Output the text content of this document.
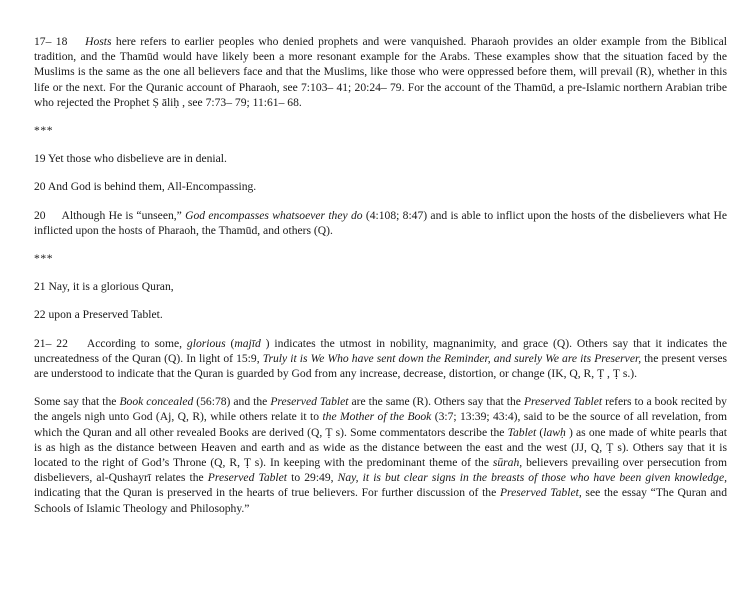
17– 18 Hosts here refers to earlier peoples who denied prophets and were vanquished. Pharaoh provides an older example from the Biblical tradition, and the Thamūd would have likely been a more resonant example for the Arabs. These examples show that the situation faced by the Muslims is the same as the one all believers face and that the Muslims, like those who were oppressed before them, will prevail (R), whether in this life or the next. For the Quranic account of Pharaoh, see 7:103– 41; 20:24– 79. For the account of the Thamūd, a pre-Islamic northern Arabian tribe who rejected the Prophet Ṣ āliḥ , see 7:73– 79; 11:61– 68.

***

19 Yet those who disbelieve are in denial.

20 And God is behind them, All-Encompassing.

20 Although He is “unseen,” God encompasses whatsoever they do (4:108; 8:47) and is able to inflict upon the hosts of the disbelievers what He inflicted upon the hosts of Pharaoh, the Thamūd, and others (Q).

***

21 Nay, it is a glorious Quran,

22 upon a Preserved Tablet.

21– 22 According to some, glorious (majīd ) indicates the utmost in nobility, magnanimity, and grace (Q). Others say that it indicates the uncreatedness of the Quran (Q). In light of 15:9, Truly it is We Who have sent down the Reminder, and surely We are its Preserver, the present verses are understood to indicate that the Quran is guarded by God from any increase, decrease, distortion, or change (IK, Q, R, Ṭ , Ṭ s.).

Some say that the Book concealed (56:78) and the Preserved Tablet are the same (R). Others say that the Preserved Tablet refers to a book recited by the angels nigh unto God (Aj, Q, R), while others relate it to the Mother of the Book (3:7; 13:39; 43:4), said to be the source of all revelation, from which the Quran and all other revealed Books are derived (Q, Ṭ s). Some commentators describe the Tablet (lawḥ ) as one made of white pearls that is as high as the distance between Heaven and earth and as wide as the distance between the east and the west (JJ, Q, Ṭ s). Others say that it is located to the right of God’s Throne (Q, R, Ṭ s). In keeping with the predominant theme of the sūrah, believers prevailing over persecution from disbelievers, al-Qushayrī relates the Preserved Tablet to 29:49, Nay, it is but clear signs in the breasts of those who have been given knowledge, indicating that the Quran is preserved in the hearts of true believers. For further discussion of the Preserved Tablet, see the essay “The Quran and Schools of Islamic Theology and Philosophy.”
